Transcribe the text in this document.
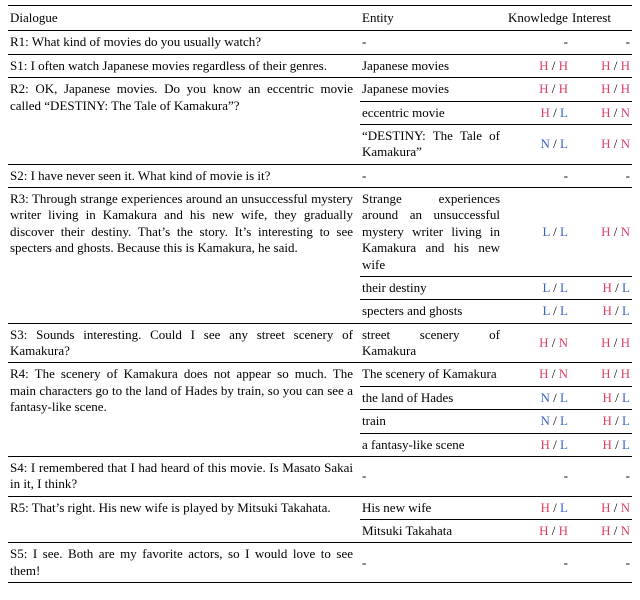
Dialogue	Entity	Knowledge	Interest
R1: What kind of movies do you usually watch?	-	-	-
S1: I often watch Japanese movies regardless of their genres.	Japanese movies	H / H	H / H
R2: OK, Japanese movies. Do you know an eccentric movie called “DESTINY: The Tale of Kamakura”?	Japanese movies	H / H	H / H
	eccentric movie	H / L	H / N
	“DESTINY: The Tale of Kamakura”	N / L	H / N
S2: I have never seen it. What kind of movie is it?	-	-	-
R3: Through strange experiences around an unsuccessful mystery writer living in Kamakura and his new wife, they gradually discover their destiny. That’s the story. It’s interesting to see specters and ghosts. Because this is Kamakura, he said.	Strange experiences around an unsuccessful mystery writer living in Kamakura and his new wife	L / L	H / N
	their destiny	L / L	H / L
	specters and ghosts	L / L	H / L
S3: Sounds interesting. Could I see any street scenery of Kamakura?	street scenery of Kamakura	H / N	H / H
R4: The scenery of Kamakura does not appear so much. The main characters go to the land of Hades by train, so you can see a fantasy-like scene.	The scenery of Kamakura	H / N	H / H
	the land of Hades	N / L	H / L
	train	N / L	H / L
	a fantasy-like scene	H / L	H / L
S4: I remembered that I had heard of this movie. Is Masato Sakai in it, I think?	-	-	-
R5: That’s right. His new wife is played by Mitsuki Takahata.	His new wife	H / L	H / N
	Mitsuki Takahata	H / H	H / N
S5: I see. Both are my favorite actors, so I would love to see them!	-	-	-
